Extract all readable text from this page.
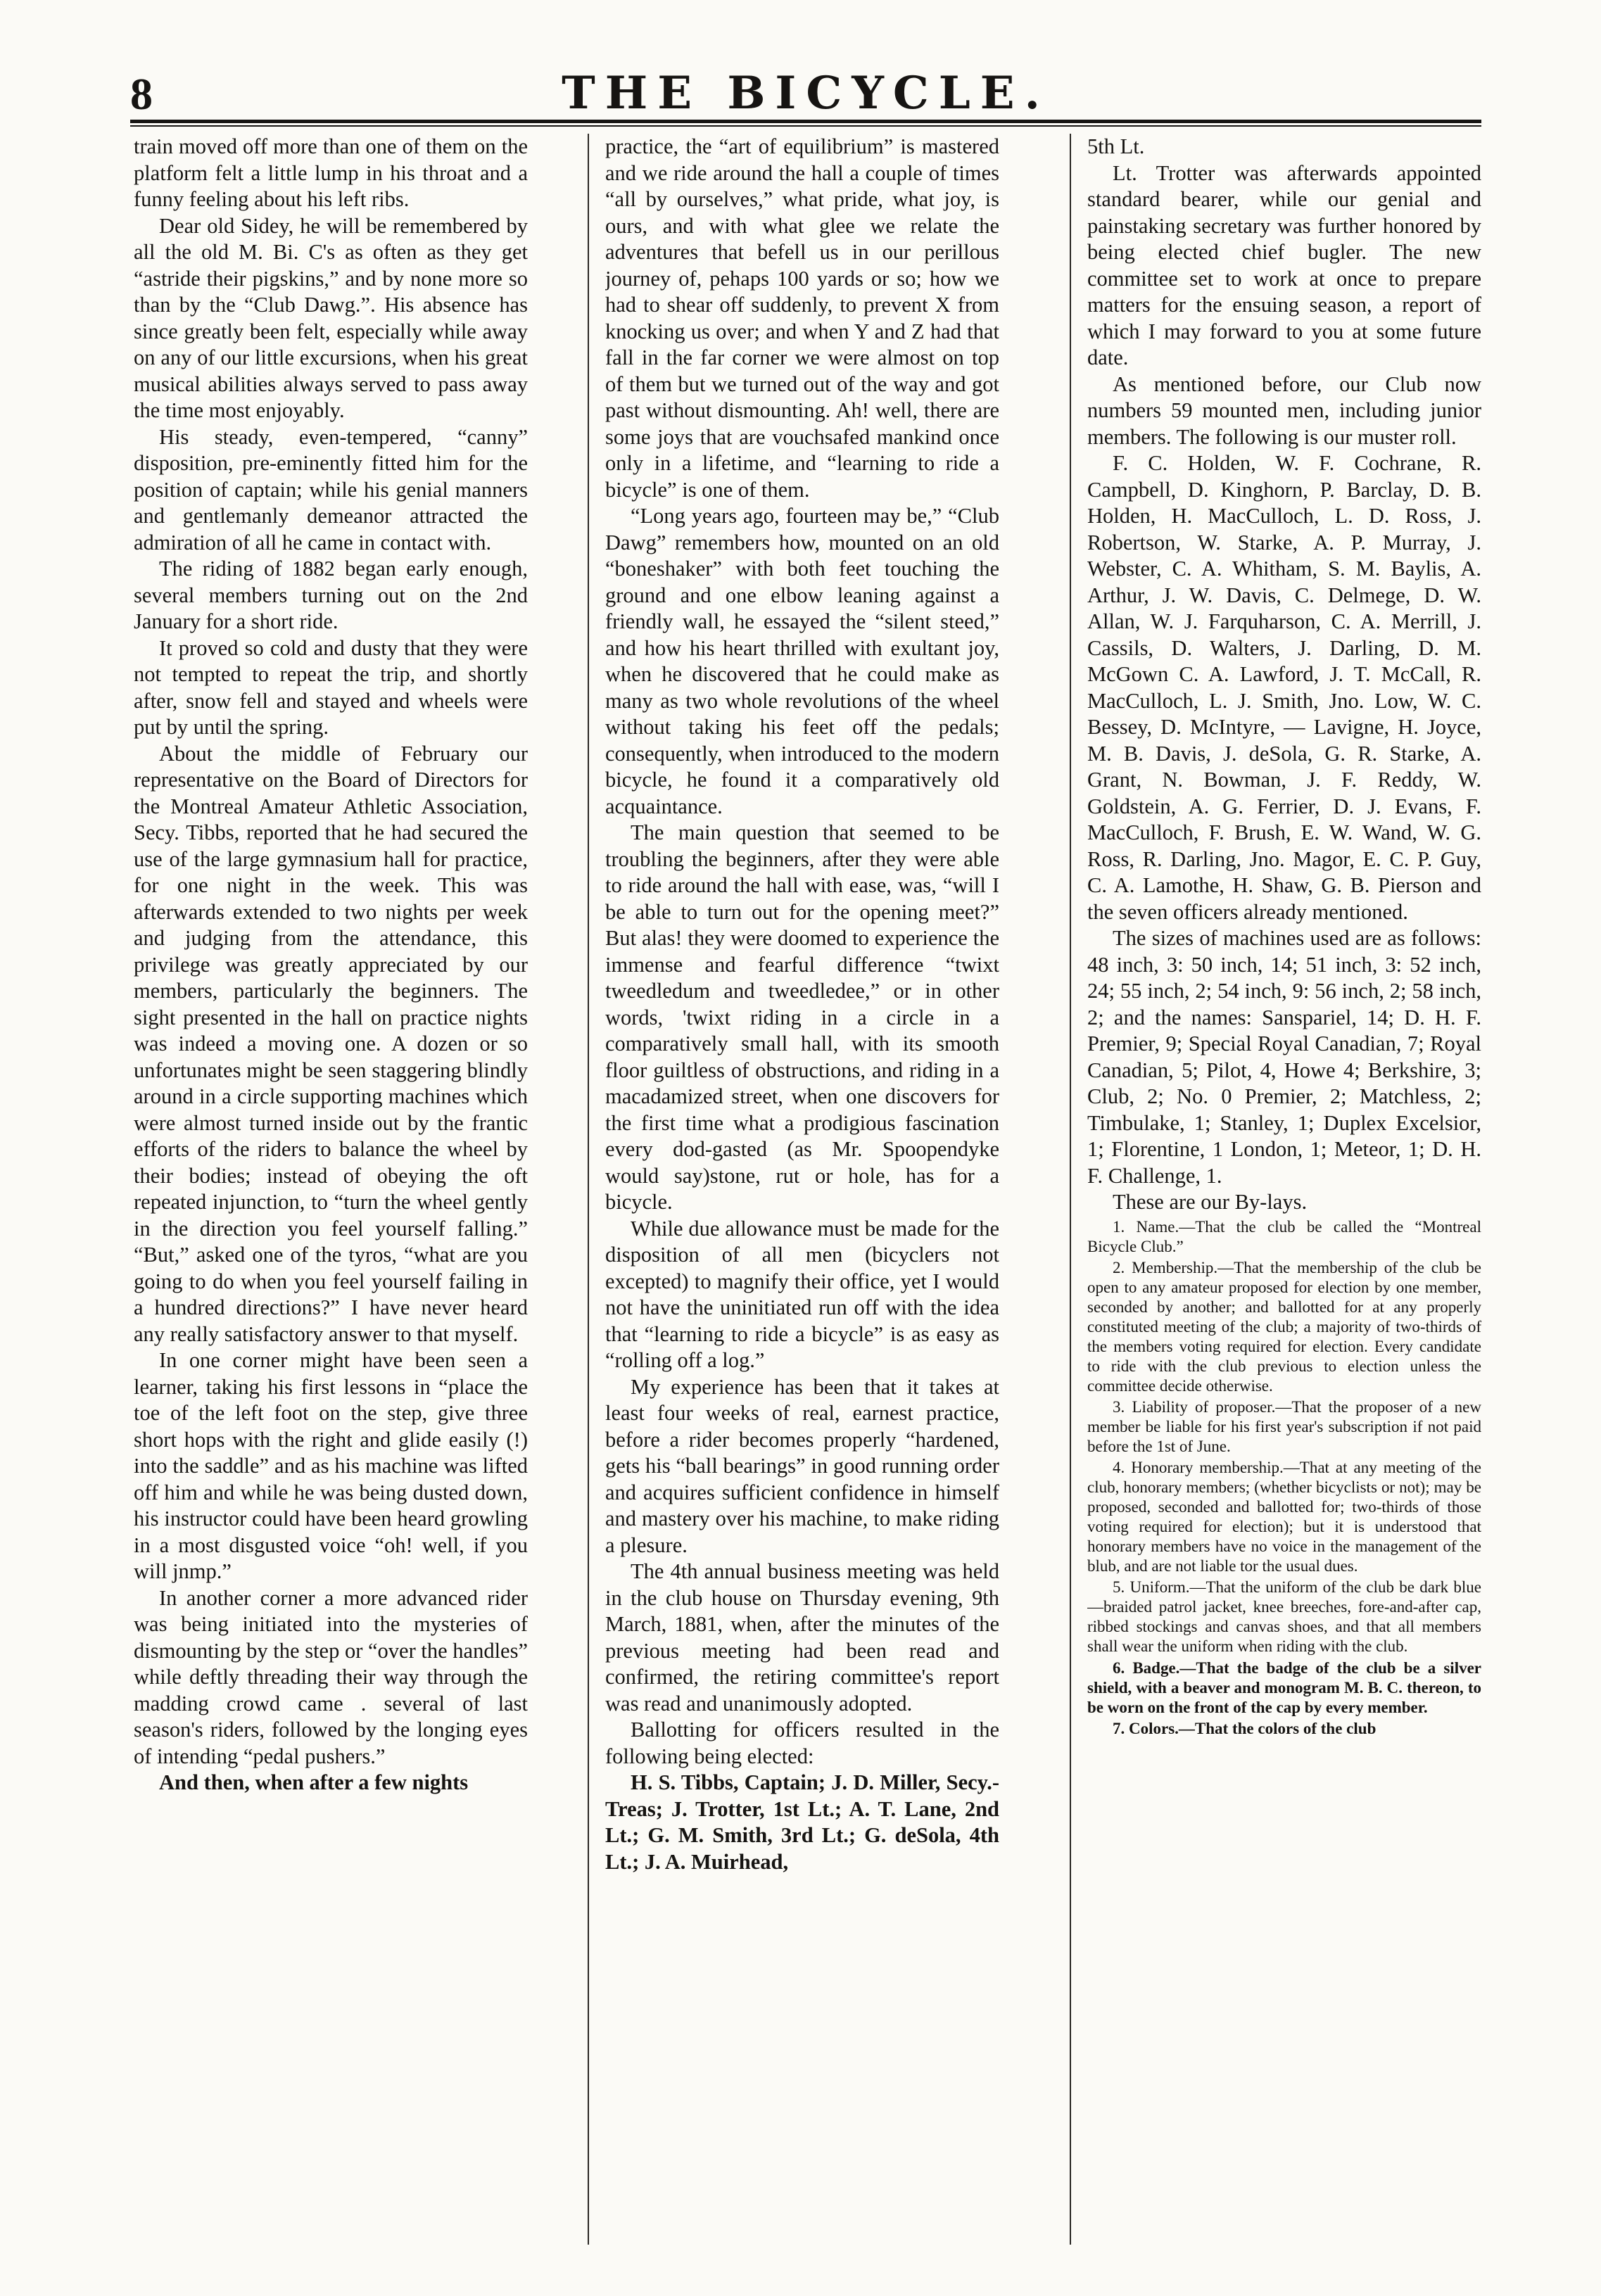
8	THE BICYCLE.

train moved off more than one of them on the platform felt a little lump in his throat and a funny feeling about his left ribs.

Dear old Sidey, he will be remembered by all the old M. Bi. C's as often as they get “astride their pigskins,” and by none more so than by the “Club Dawg.”. His absence has since greatly been felt, especially while away on any of our little excursions, when his great musical abilities always served to pass away the time most enjoyably.

His steady, even-tempered, “canny” disposition, pre-eminently fitted him for the position of captain; while his genial manners and gentlemanly demeanor attracted the admiration of all he came in contact with.

The riding of 1882 began early enough, several members turning out on the 2nd January for a short ride.

It proved so cold and dusty that they were not tempted to repeat the trip, and shortly after, snow fell and stayed and wheels were put by until the spring.

About the middle of February our representative on the Board of Directors for the Montreal Amateur Athletic Association, Secy. Tibbs, reported that he had secured the use of the large gymnasium hall for practice, for one night in the week. This was afterwards extended to two nights per week and judging from the attendance, this privilege was greatly appreciated by our members, particularly the beginners. The sight presented in the hall on practice nights was indeed a moving one. A dozen or so unfortunates might be seen staggering blindly around in a circle supporting machines which were almost turned inside out by the frantic efforts of the riders to balance the wheel by their bodies; instead of obeying the oft repeated injunction, to “turn the wheel gently in the direction you feel yourself falling.” “But,” asked one of the tyros, “what are you going to do when you feel yourself failing in a hundred directions?” I have never heard any really satisfactory answer to that myself.

In one corner might have been seen a learner, taking his first lessons in “place the toe of the left foot on the step, give three short hops with the right and glide easily (!) into the saddle” and as his machine was lifted off him and while he was being dusted down, his instructor could have been heard growling in a most disgusted voice “oh! well, if you will jnmp.”

In another corner a more advanced rider was being initiated into the mysteries of dismounting by the step or “over the handles” while deftly threading their way through the madding crowd came . several of last season's riders, followed by the longing eyes of intending “pedal pushers.”

And then, when after a few nights

practice, the “art of equilibrium” is mastered and we ride around the hall a couple of times “all by ourselves,” what pride, what joy, is ours, and with what glee we relate the adventures that befell us in our perillous journey of, pehaps 100 yards or so; how we had to shear off suddenly, to prevent X from knocking us over; and when Y and Z had that fall in the far corner we were almost on top of them but we turned out of the way and got past without dismounting. Ah! well, there are some joys that are vouchsafed mankind once only in a lifetime, and “learning to ride a bicycle” is one of them.

“Long years ago, fourteen may be,” “Club Dawg” remembers how, mounted on an old “boneshaker” with both feet touching the ground and one elbow leaning against a friendly wall, he essayed the “silent steed,” and how his heart thrilled with exultant joy, when he discovered that he could make as many as two whole revolutions of the wheel without taking his feet off the pedals; consequently, when introduced to the modern bicycle, he found it a comparatively old acquaintance.

The main question that seemed to be troubling the beginners, after they were able to ride around the hall with ease, was, “will I be able to turn out for the opening meet?” But alas! they were doomed to experience the immense and fearful difference “twixt tweedledum and tweedledee,” or in other words, 'twixt riding in a circle in a comparatively small hall, with its smooth floor guiltless of obstructions, and riding in a macadamized street, when one discovers for the first time what a prodigious fascination every dod-gasted (as Mr. Spoopendyke would say)stone, rut or hole, has for a bicycle.

While due allowance must be made for the disposition of all men (bicyclers not excepted) to magnify their office, yet I would not have the uninitiated run off with the idea that “learning to ride a bicycle” is as easy as “rolling off a log.”

My experience has been that it takes at least four weeks of real, earnest practice, before a rider becomes properly “hardened, gets his “ball bearings” in good running order and acquires sufficient confidence in himself and mastery over his machine, to make riding a plesure.

The 4th annual business meeting was held in the club house on Thursday evening, 9th March, 1881, when, after the minutes of the previous meeting had been read and confirmed, the retiring committee's report was read and unanimously adopted.

Ballotting for officers resulted in the following being elected:

H. S. Tibbs, Captain; J. D. Miller, Secy.-Treas; J. Trotter, 1st Lt.; A. T. Lane, 2nd Lt.; G. M. Smith, 3rd Lt.; G. deSola, 4th Lt.; J. A. Muirhead,

5th Lt.

Lt. Trotter was afterwards appointed standard bearer, while our genial and painstaking secretary was further honored by being elected chief bugler. The new committee set to work at once to prepare matters for the ensuing season, a report of which I may forward to you at some future date.

As mentioned before, our Club now numbers 59 mounted men, including junior members. The following is our muster roll.

F. C. Holden, W. F. Cochrane, R. Campbell, D. Kinghorn, P. Barclay, D. B. Holden, H. MacCulloch, L. D. Ross, J. Robertson, W. Starke, A. P. Murray, J. Webster, C. A. Whitham, S. M. Baylis, A. Arthur, J. W. Davis, C. Delmege, D. W. Allan, W. J. Farquharson, C. A. Merrill, J. Cassils, D. Walters, J. Darling, D. M. McGown C. A. Lawford, J. T. McCall, R. MacCulloch, L. J. Smith, Jno. Low, W. C. Bessey, D. McIntyre, — Lavigne, H. Joyce, M. B. Davis, J. deSola, G. R. Starke, A. Grant, N. Bowman, J. F. Reddy, W. Goldstein, A. G. Ferrier, D. J. Evans, F. MacCulloch, F. Brush, E. W. Wand, W. G. Ross, R. Darling, Jno. Magor, E. C. P. Guy, C. A. Lamothe, H. Shaw, G. B. Pierson and the seven officers already mentioned.

The sizes of machines used are as follows: 48 inch, 3: 50 inch, 14; 51 inch, 3: 52 inch, 24; 55 inch, 2; 54 inch, 9: 56 inch, 2; 58 inch, 2; and the names: Sanspariel, 14; D. H. F. Premier, 9; Special Royal Canadian, 7; Royal Canadian, 5; Pilot, 4, Howe 4; Berkshire, 3; Club, 2; No. 0 Premier, 2; Matchless, 2; Timbulake, 1; Stanley, 1; Duplex Excelsior, 1; Florentine, 1 London, 1; Meteor, 1; D. H. F. Challenge, 1.

These are our By-lays.

1. Name.—That the club be called the “Montreal Bicycle Club.”

2. Membership.—That the membership of the club be open to any amateur proposed for election by one member, seconded by another; and ballotted for at any properly constituted meeting of the club; a majority of two-thirds of the members voting required for election. Every candidate to ride with the club previous to election unless the committee decide otherwise.

3. Liability of proposer.—That the proposer of a new member be liable for his first year's subscription if not paid before the 1st of June.

4. Honorary membership.—That at any meeting of the club, honorary members; (whether bicyclists or not); may be proposed, seconded and ballotted for; two-thirds of those voting required for election); but it is understood that honorary members have no voice in the management of the blub, and are not liable tor the usual dues.

5. Uniform.—That the uniform of the club be dark blue—braided patrol jacket, knee breeches, fore-and-after cap, ribbed stockings and canvas shoes, and that all members shall wear the uniform when riding with the club.

6. Badge.—That the badge of the club be a silver shield, with a beaver and monogram M. B. C. thereon, to be worn on the front of the cap by every member.

7. Colors.—That the colors of the club
